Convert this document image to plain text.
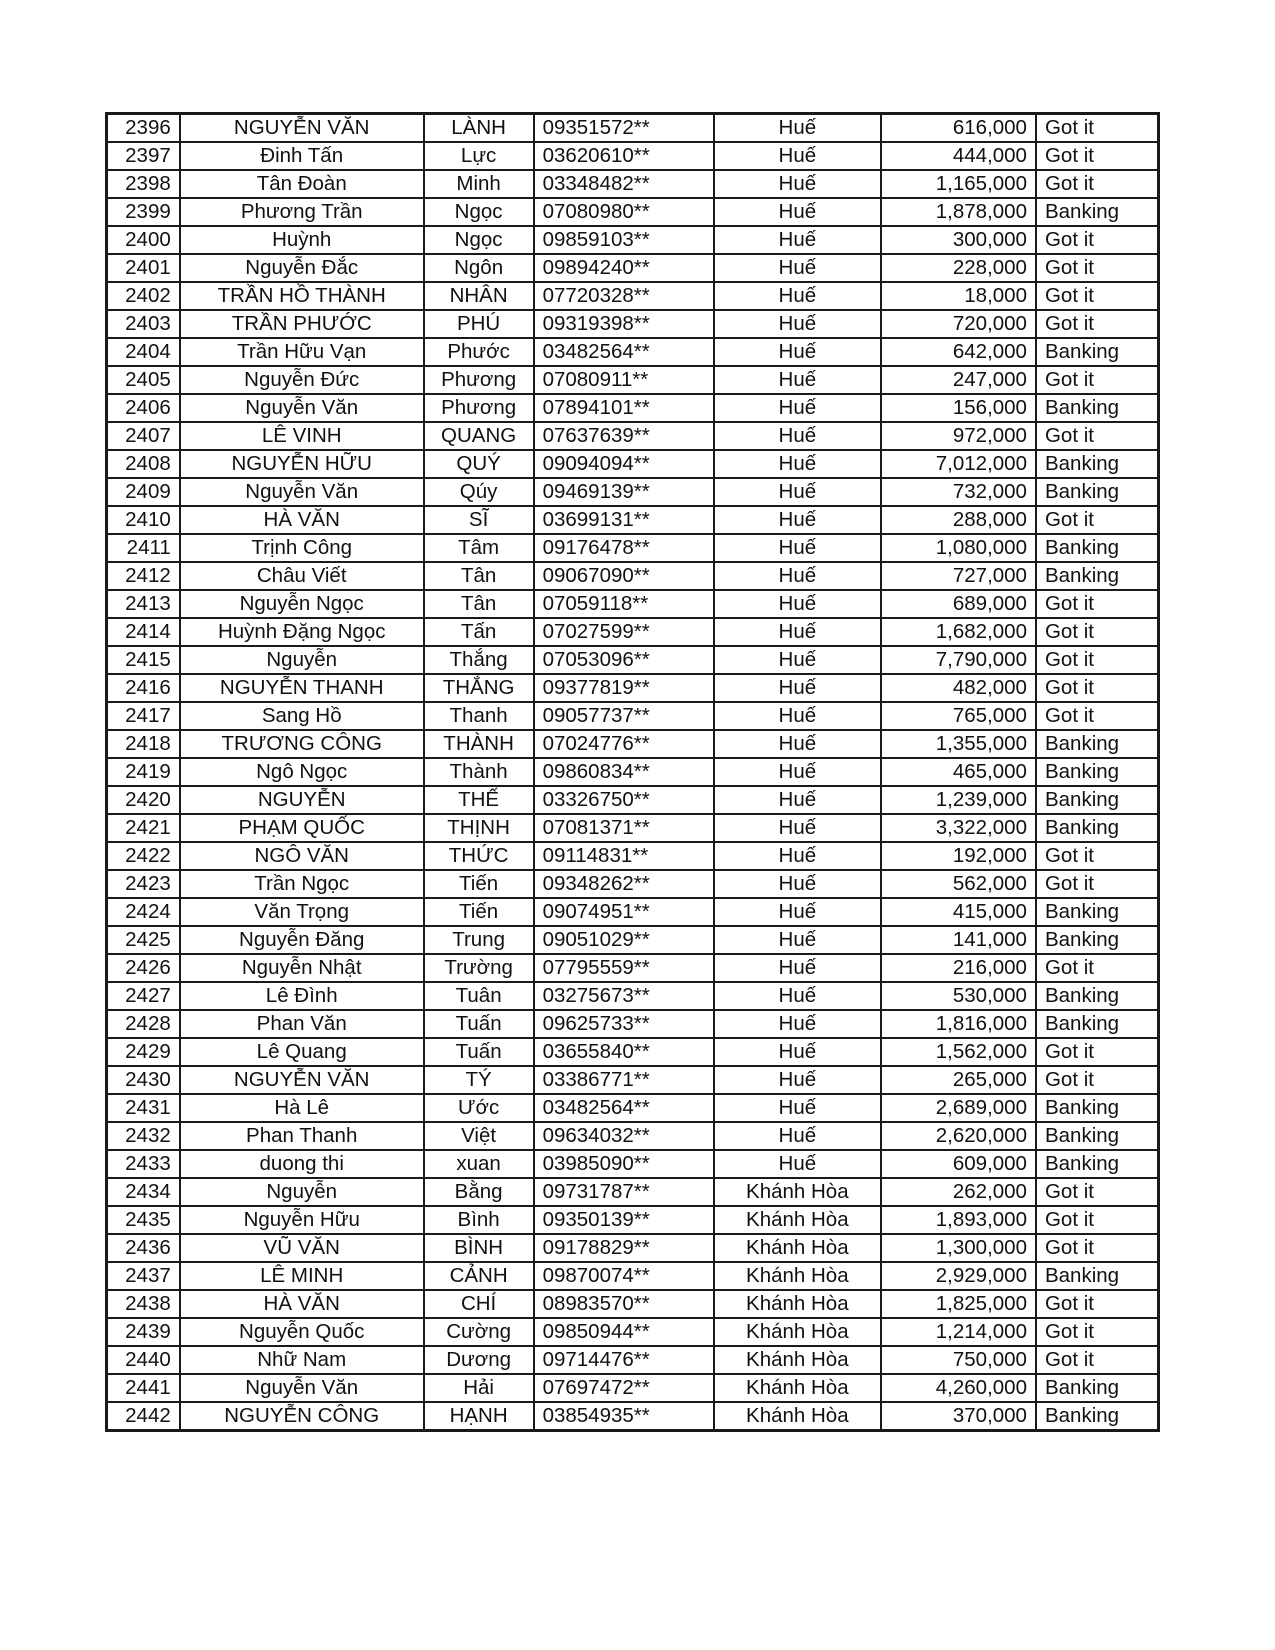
2396	NGUYỄN VĂN	LÀNH	09351572**	Huế	616,000	Got it
2397	Đinh Tấn	Lực	03620610**	Huế	444,000	Got it
2398	Tân Đoàn	Minh	03348482**	Huế	1,165,000	Got it
2399	Phương Trần	Ngọc	07080980**	Huế	1,878,000	Banking
2400	Huỳnh	Ngọc	09859103**	Huế	300,000	Got it
2401	Nguyễn Đắc	Ngôn	09894240**	Huế	228,000	Got it
2402	TRẦN HỒ THÀNH	NHÂN	07720328**	Huế	18,000	Got it
2403	TRẦN PHƯỚC	PHÚ	09319398**	Huế	720,000	Got it
2404	Trần Hữu Vạn	Phước	03482564**	Huế	642,000	Banking
2405	Nguyễn Đức	Phương	07080911**	Huế	247,000	Got it
2406	Nguyễn Văn	Phương	07894101**	Huế	156,000	Banking
2407	LÊ VINH	QUANG	07637639**	Huế	972,000	Got it
2408	NGUYỄN HỮU	QUÝ	09094094**	Huế	7,012,000	Banking
2409	Nguyễn Văn	Qúy	09469139**	Huế	732,000	Banking
2410	HÀ VĂN	SĨ	03699131**	Huế	288,000	Got it
2411	Trịnh Công	Tâm	09176478**	Huế	1,080,000	Banking
2412	Châu Viết	Tân	09067090**	Huế	727,000	Banking
2413	Nguyễn Ngọc	Tân	07059118**	Huế	689,000	Got it
2414	Huỳnh Đặng Ngọc	Tấn	07027599**	Huế	1,682,000	Got it
2415	Nguyễn	Thắng	07053096**	Huế	7,790,000	Got it
2416	NGUYỄN THANH	THẮNG	09377819**	Huế	482,000	Got it
2417	Sang Hồ	Thanh	09057737**	Huế	765,000	Got it
2418	TRƯƠNG CÔNG	THÀNH	07024776**	Huế	1,355,000	Banking
2419	Ngô Ngọc	Thành	09860834**	Huế	465,000	Banking
2420	NGUYỄN	THẾ	03326750**	Huế	1,239,000	Banking
2421	PHẠM QUỐC	THỊNH	07081371**	Huế	3,322,000	Banking
2422	NGÔ VĂN	THỨC	09114831**	Huế	192,000	Got it
2423	Trần Ngọc	Tiến	09348262**	Huế	562,000	Got it
2424	Văn Trọng	Tiến	09074951**	Huế	415,000	Banking
2425	Nguyễn Đăng	Trung	09051029**	Huế	141,000	Banking
2426	Nguyễn Nhật	Trường	07795559**	Huế	216,000	Got it
2427	Lê Đình	Tuân	03275673**	Huế	530,000	Banking
2428	Phan Văn	Tuấn	09625733**	Huế	1,816,000	Banking
2429	Lê Quang	Tuấn	03655840**	Huế	1,562,000	Got it
2430	NGUYỄN VĂN	TÝ	03386771**	Huế	265,000	Got it
2431	Hà Lê	Ước	03482564**	Huế	2,689,000	Banking
2432	Phan Thanh	Việt	09634032**	Huế	2,620,000	Banking
2433	duong thi	xuan	03985090**	Huế	609,000	Banking
2434	Nguyễn	Bằng	09731787**	Khánh Hòa	262,000	Got it
2435	Nguyễn Hữu	Bình	09350139**	Khánh Hòa	1,893,000	Got it
2436	VŨ VĂN	BÌNH	09178829**	Khánh Hòa	1,300,000	Got it
2437	LÊ MINH	CẢNH	09870074**	Khánh Hòa	2,929,000	Banking
2438	HÀ VĂN	CHÍ	08983570**	Khánh Hòa	1,825,000	Got it
2439	Nguyễn Quốc	Cường	09850944**	Khánh Hòa	1,214,000	Got it
2440	Nhữ Nam	Dương	09714476**	Khánh Hòa	750,000	Got it
2441	Nguyễn Văn	Hải	07697472**	Khánh Hòa	4,260,000	Banking
2442	NGUYỄN CÔNG	HẠNH	03854935**	Khánh Hòa	370,000	Banking
